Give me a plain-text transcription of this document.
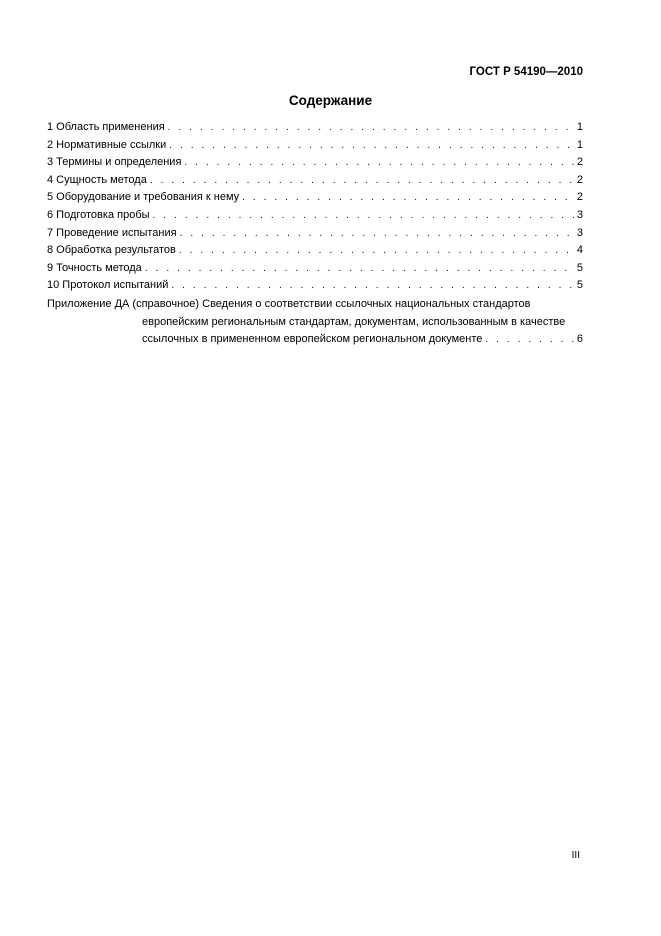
ГОСТ Р 54190—2010
Содержание
1 Область применения . . .	1
2 Нормативные ссылки . . .	1
3 Термины и определения . . .	2
4 Сущность метода . . .	2
5 Оборудование и требования к нему . . .	2
6 Подготовка пробы . . .	3
7 Проведение испытания . . .	3
8 Обработка результатов . . .	4
9 Точность метода . . .	5
10 Протокол испытаний . . .	5
Приложение ДА (справочное) Сведения о соответствии ссылочных национальных стандартов
европейским региональным стандартам, документам, использованным в качестве
ссылочных в примененном европейском региональном документе . . .	6
III
